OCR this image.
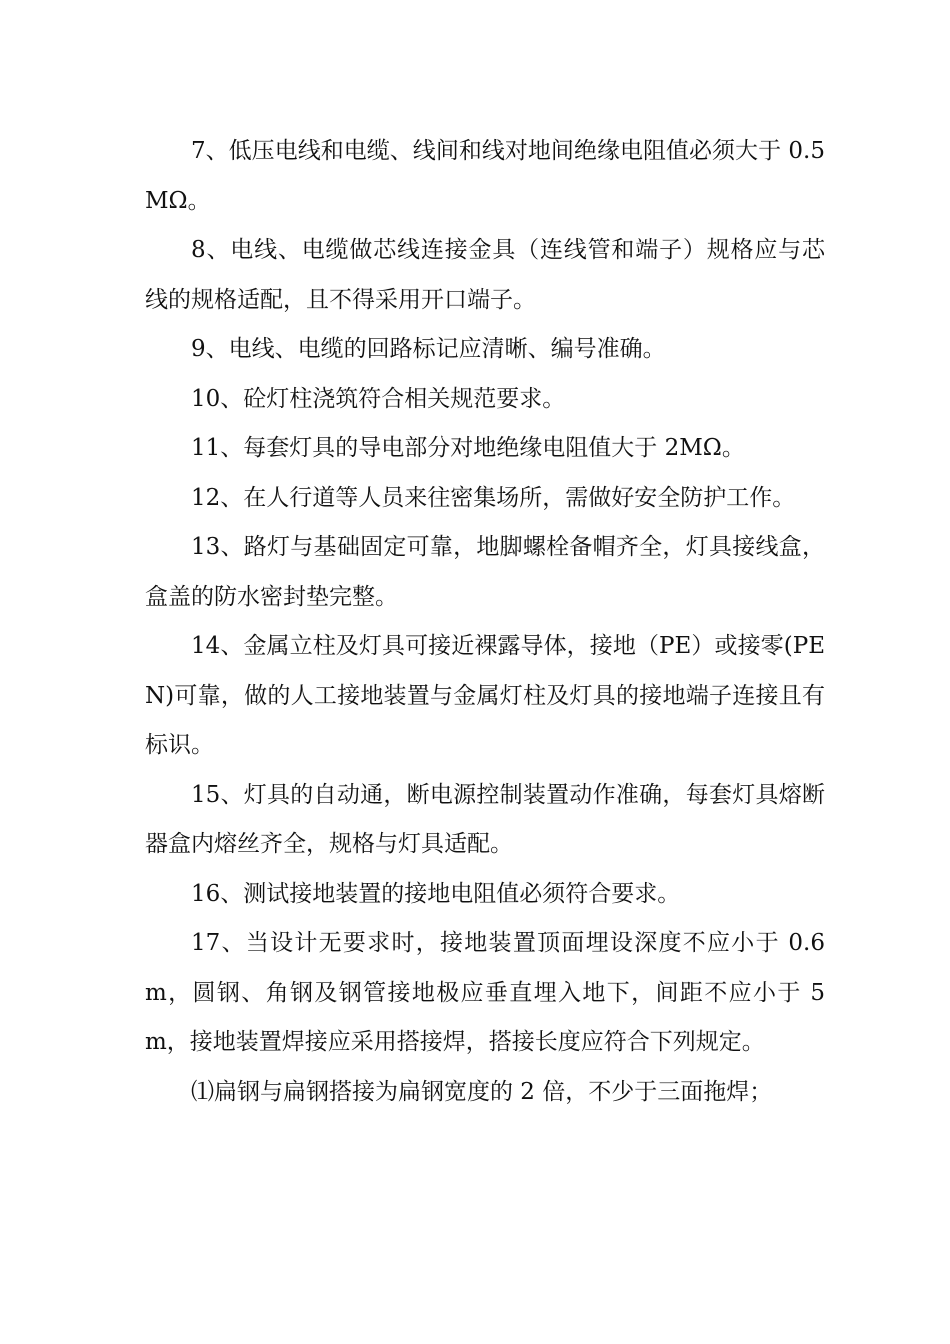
7、低压电线和电缆、线间和线对地间绝缘电阻值必须大于 0.5MΩ。

8、电线、电缆做芯线连接金具（连线管和端子）规格应与芯线的规格适配，且不得采用开口端子。

9、电线、电缆的回路标记应清晰、编号准确。

10、砼灯柱浇筑符合相关规范要求。

11、每套灯具的导电部分对地绝缘电阻值大于 2MΩ。

12、在人行道等人员来往密集场所，需做好安全防护工作。

13、路灯与基础固定可靠，地脚螺栓备帽齐全，灯具接线盒，盒盖的防水密封垫完整。

14、金属立柱及灯具可接近裸露导体，接地（PE）或接零(PEN)可靠，做的人工接地装置与金属灯柱及灯具的接地端子连接且有标识。

15、灯具的自动通，断电源控制装置动作准确，每套灯具熔断器盒内熔丝齐全，规格与灯具适配。

16、测试接地装置的接地电阻值必须符合要求。

17、当设计无要求时，接地装置顶面埋设深度不应小于 0.6m，圆钢、角钢及钢管接地极应垂直埋入地下，间距不应小于 5m，接地装置焊接应采用搭接焊，搭接长度应符合下列规定。

⑴扁钢与扁钢搭接为扁钢宽度的 2 倍，不少于三面拖焊；
